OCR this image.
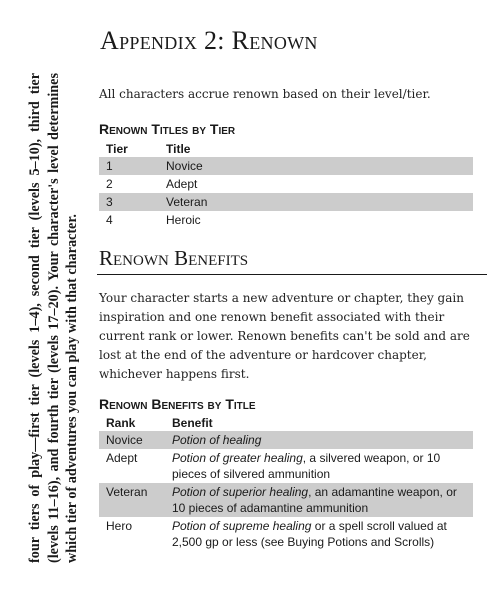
Appendix 2: Renown
All characters accrue renown based on their level/tier.
four tiers of play—first tier (levels 1–4), second tier (levels 5–10), third tier (levels 11–16), and fourth tier (levels 17–20). Your character's level determines which tier of adventures you can play with that character.
Renown Titles by Tier
Tier	Title
1	Novice
2	Adept
3	Veteran
4	Heroic
Renown Benefits
Your character starts a new adventure or chapter, they gain inspiration and one renown benefit associated with their current rank or lower. Renown benefits can't be sold and are lost at the end of the adventure or hardcover chapter, whichever happens first.
Renown Benefits by Title
Rank	Benefit
Novice	Potion of healing
Adept	Potion of greater healing, a silvered weapon, or 10 pieces of silvered ammunition
Veteran	Potion of superior healing, an adamantine weapon, or 10 pieces of adamantine ammunition
Hero	Potion of supreme healing or a spell scroll valued at 2,500 gp or less (see Buying Potions and Scrolls)
